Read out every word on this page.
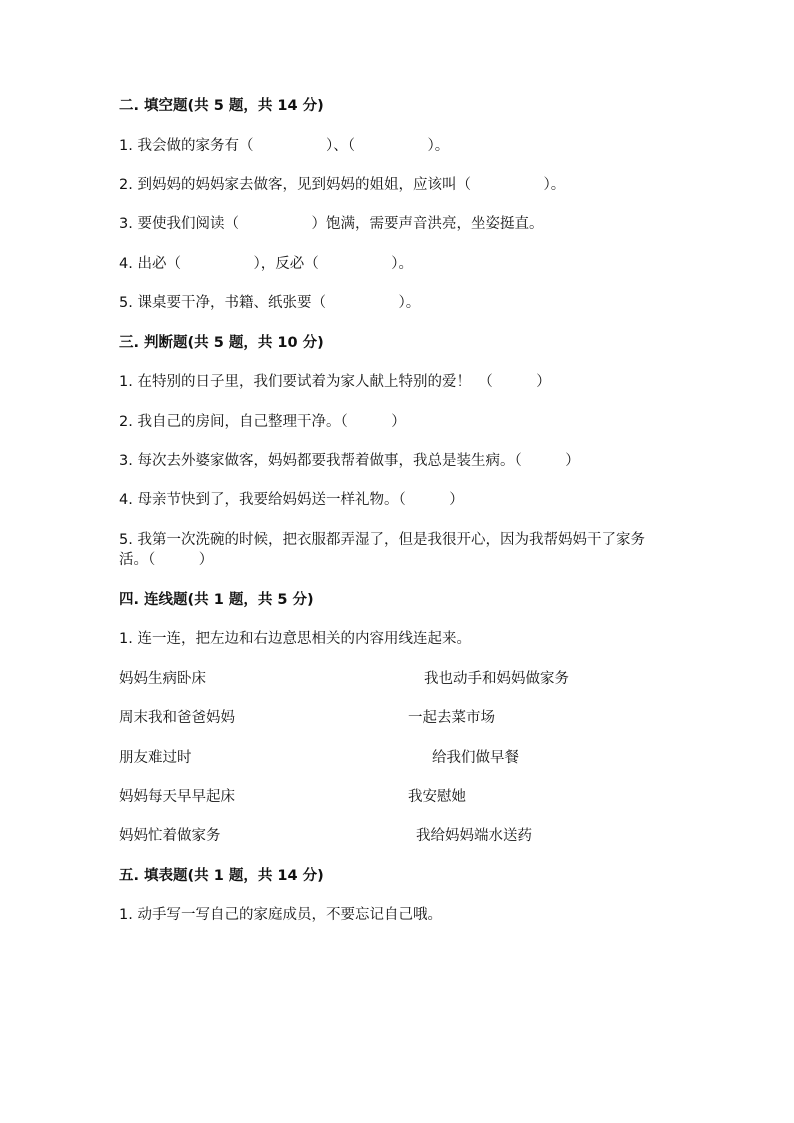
二. 填空题(共 5 题，共 14 分)
1. 我会做的家务有（　　　　　）、（　　　　　）。
2. 到妈妈的妈妈家去做客，见到妈妈的姐姐，应该叫（　　　　　）。
3. 要使我们阅读（　　　　　）饱满，需要声音洪亮，坐姿挺直。
4. 出必（　　　　　），反必（　　　　　）。
5. 课桌要干净，书籍、纸张要（　　　　　）。
三. 判断题(共 5 题，共 10 分)
1. 在特别的日子里，我们要试着为家人献上特别的爱！　（　　　）
2. 我自己的房间，自己整理干净。（　　　）
3. 每次去外婆家做客，妈妈都要我帮着做事，我总是装生病。（　　　）
4. 母亲节快到了，我要给妈妈送一样礼物。（　　　）
5. 我第一次洗碗的时候，把衣服都弄湿了，但是我很开心，因为我帮妈妈干了家务活。（　　　）
四. 连线题(共 1 题，共 5 分)
1. 连一连，把左边和右边意思相关的内容用线连起来。
妈妈生病卧床	我也动手和妈妈做家务
周末我和爸爸妈妈	一起去菜市场
朋友难过时	给我们做早餐
妈妈每天早早起床	我安慰她
妈妈忙着做家务	我给妈妈端水送药
五. 填表题(共 1 题，共 14 分)
1. 动手写一写自己的家庭成员，不要忘记自己哦。
